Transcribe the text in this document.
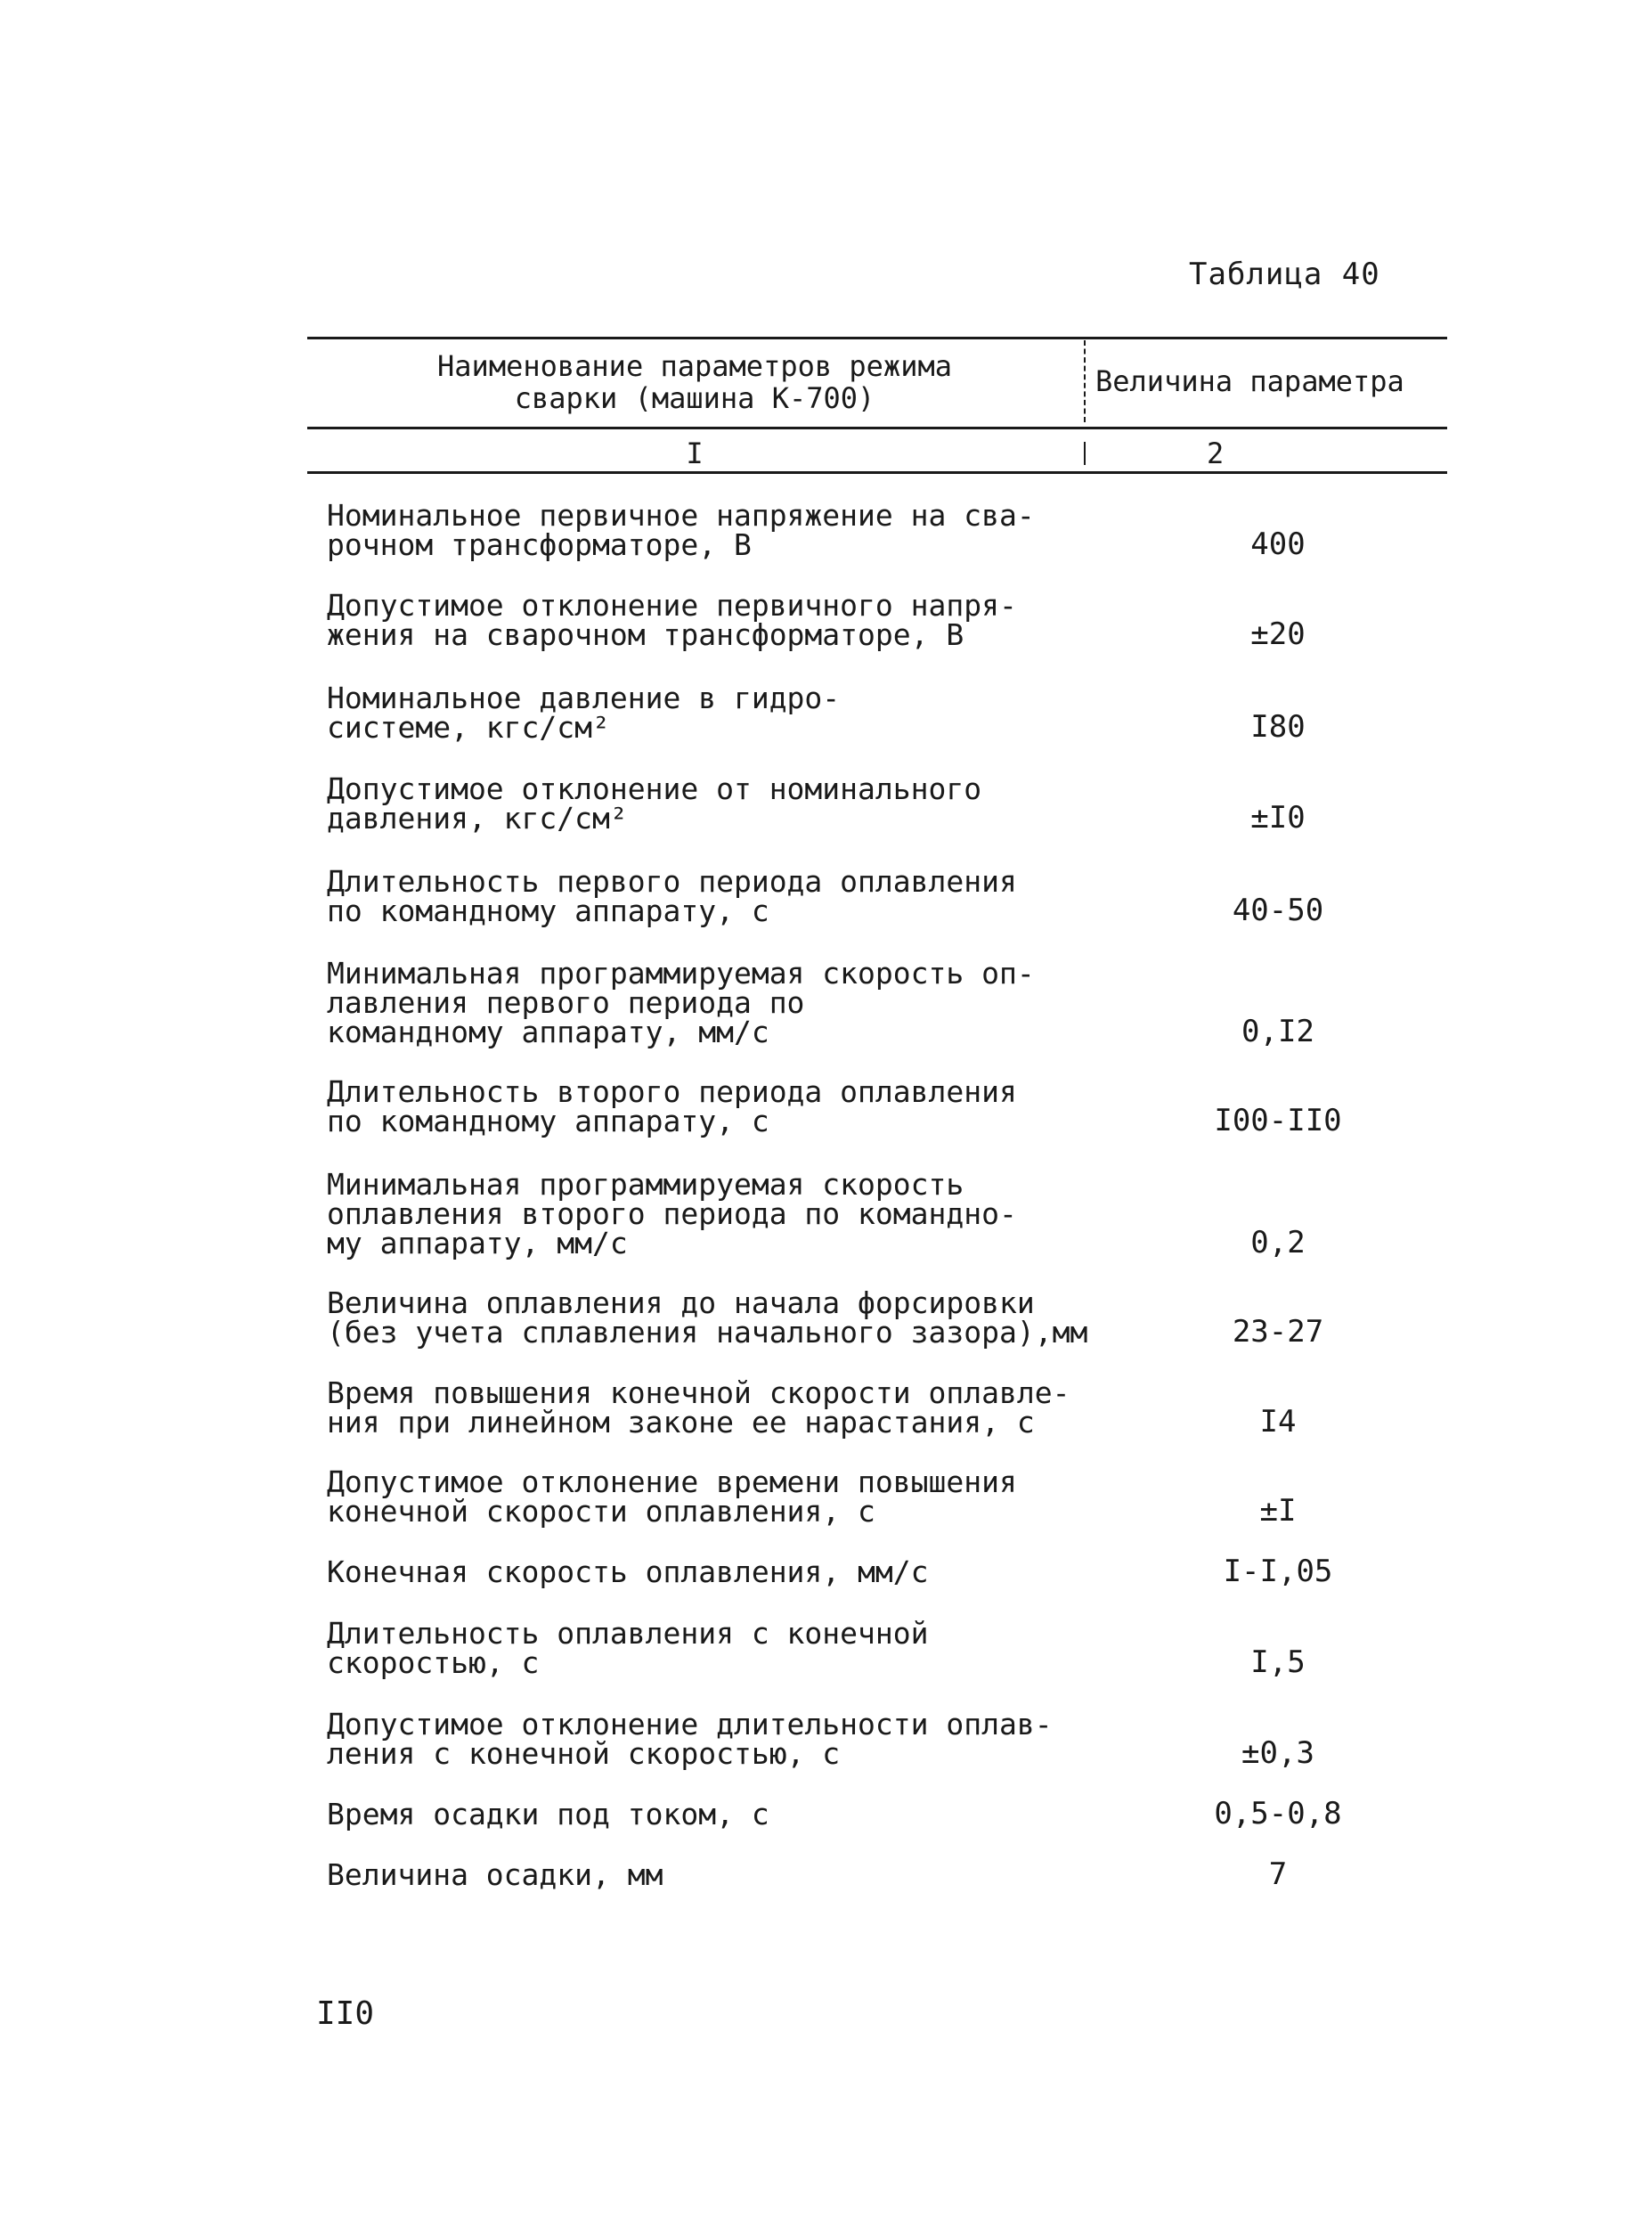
Таблица 40
Наименование параметров режима
сварки (машина К-700)	Величина параметра
I	2
Номинальное первичное напряжение на сва-
рочном трансформаторе, В	400
Допустимое отклонение первичного напря-
жения на сварочном трансформаторе, В	±20
Номинальное давление в гидро-
системе, кгс/см²	I80
Допустимое отклонение от номинального
давления, кгс/см²	±I0
Длительность первого периода оплавления
по командному аппарату, с	40-50
Минимальная программируемая скорость оп-
лавления первого периода по
командному аппарату, мм/с	0,I2
Длительность второго периода оплавления
по командному аппарату, с	I00-II0
Минимальная программируемая скорость
оплавления второго периода по командно-
му аппарату, мм/с	0,2
Величина оплавления до начала форсировки
(без учета сплавления начального зазора),мм	23-27
Время повышения конечной скорости оплавле-
ния при линейном законе ее нарастания, с	I4
Допустимое отклонение времени повышения
конечной скорости оплавления, с	±I
Конечная скорость оплавления, мм/с	I-I,05
Длительность оплавления с конечной
скоростью, с	I,5
Допустимое отклонение длительности оплав-
ления с конечной скоростью, с	±0,3
Время осадки под током, с	0,5-0,8
Величина осадки, мм	7
II0
